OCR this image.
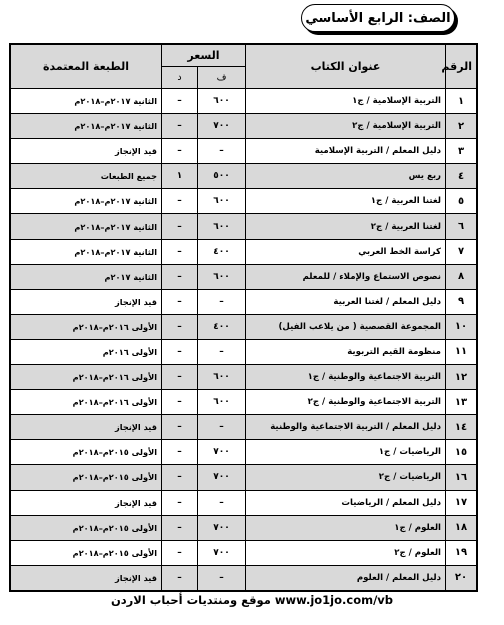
الصف: الرابع الأساسي
الرقم	عنوان الكتاب	السعر		الطبعة المعتمدة
		ف	د	
١	التربية الإسلامية / ج١	٦٠٠	–	الثانية ٢٠١٧م–٢٠١٨م
٢	التربية الإسلامية / ج٢	٧٠٠	–	الثانية ٢٠١٧م–٢٠١٨م
٣	دليل المعلم / التربية الإسلامية	–	–	قيد الإنجاز
٤	ربع يس	٥٠٠	١	جميع الطبعات
٥	لغتنا العربية / ج١	٦٠٠	–	الثانية ٢٠١٧م–٢٠١٨م
٦	لغتنا العربية / ج٢	٦٠٠	–	الثانية ٢٠١٧م–٢٠١٨م
٧	كراسة الخط العربي	٤٠٠	–	الثانية ٢٠١٧م–٢٠١٨م
٨	نصوص الاستماع والإملاء / للمعلم	٦٠٠	–	الثانية ٢٠١٧م
٩	دليل المعلم / لغتنا العربية	–	–	قيد الإنجاز
١٠	المجموعة القصصية ( من يلاعب الفيل)	٤٠٠	–	الأولى ٢٠١٦م–٢٠١٨م
١١	منظومة القيم التربوية	–	–	الأولى ٢٠١٦م
١٢	التربية الاجتماعية والوطنية / ج١	٦٠٠	–	الأولى ٢٠١٦م–٢٠١٨م
١٣	التربية الاجتماعية والوطنية / ج٢	٦٠٠	–	الأولى ٢٠١٦م–٢٠١٨م
١٤	دليل المعلم / التربية الاجتماعية والوطنية	–	–	قيد الإنجاز
١٥	الرياضيات / ج١	٧٠٠	–	الأولى ٢٠١٥م–٢٠١٨م
١٦	الرياضيات / ج٢	٧٠٠	–	الأولى ٢٠١٥م–٢٠١٨م
١٧	دليل المعلم / الرياضيات	–	–	قيد الإنجاز
١٨	العلوم / ج١	٧٠٠	–	الأولى ٢٠١٥م–٢٠١٨م
١٩	العلوم / ج٢	٧٠٠	–	الأولى ٢٠١٥م–٢٠١٨م
٢٠	دليل المعلم / العلوم	–	–	قيد الإنجاز
موقع ومنتديات أحباب الاردن www.jo1jo.com/vb
